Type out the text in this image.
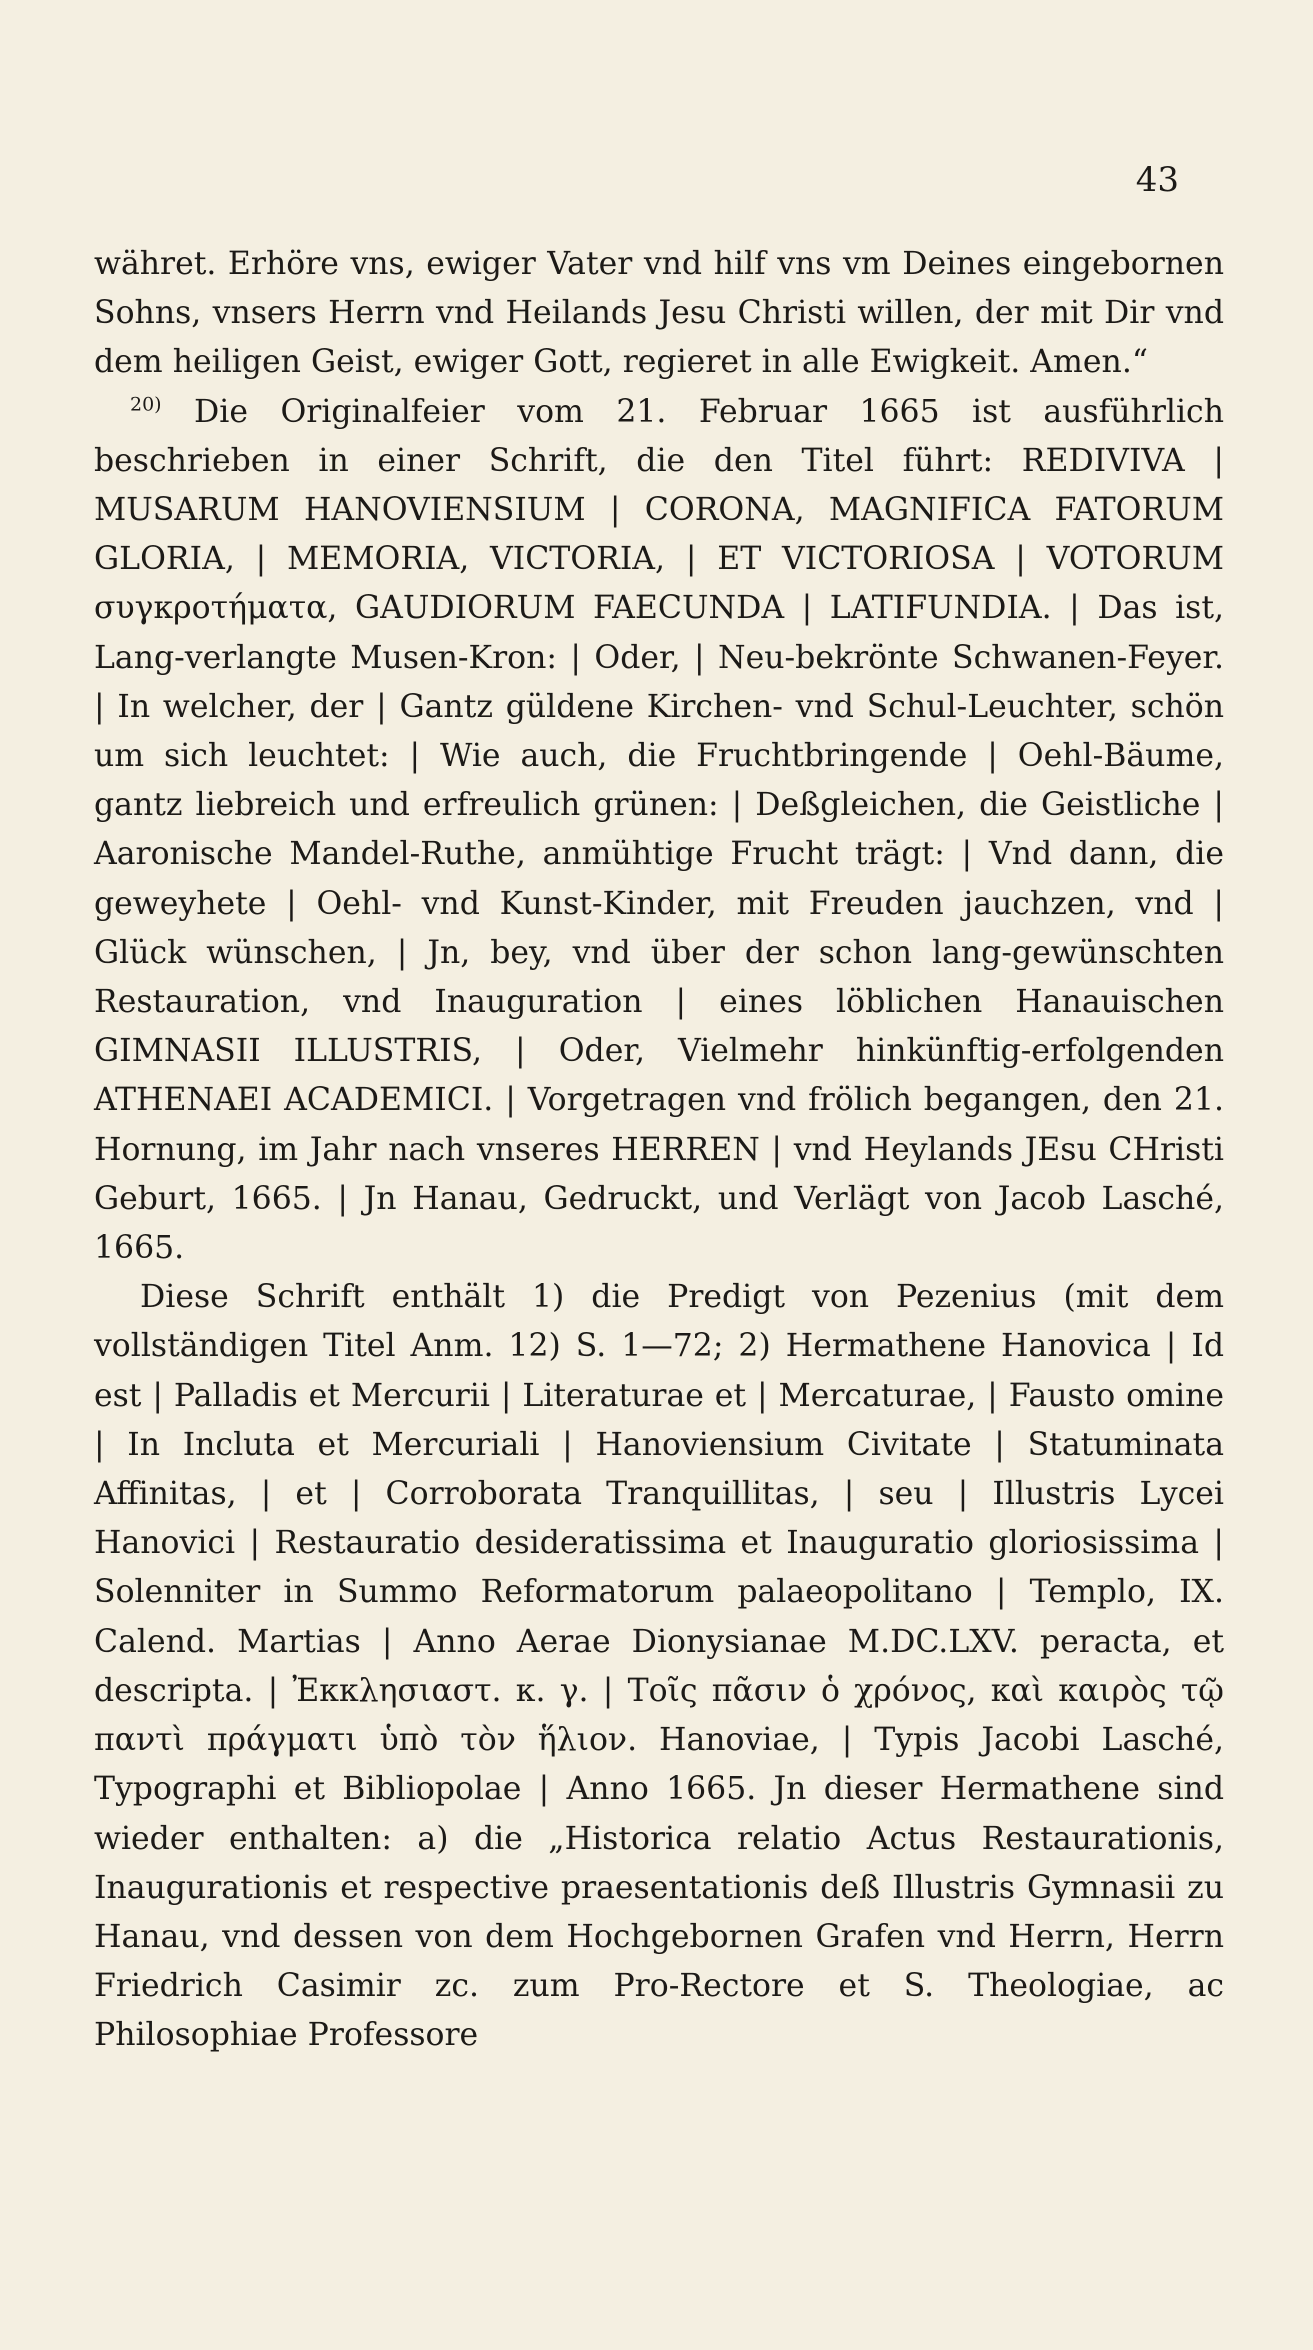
43

währet. Erhöre vns, ewiger Vater vnd hilf vns vm Deines eingebornen Sohns, vnsers Herrn vnd Heilands Jesu Christi willen, der mit Dir vnd dem heiligen Geist, ewiger Gott, regieret in alle Ewigkeit. Amen.“

$^{20)}$ Die Originalfeier vom 21. Februar 1665 ist ausführlich beschrieben in einer Schrift, die den Titel führt: REDIVIVA | MUSARUM HANOVIENSIUM | CORONA, MAGNIFICA FATORUM GLORIA, | MEMORIA, VICTORIA, | ET VICTORIOSA | VOTORUM συγκροτήματα, GAUDIORUM FAECUNDA | LATIFUNDIA. | Das ist, Lang-verlangte Musen-Kron: | Oder, | Neu-bekrönte Schwanen-Feyer. | In welcher, der | Gantz güldene Kirchen- vnd Schul-Leuchter, schön um sich leuchtet: | Wie auch, die Fruchtbringende | Oehl-Bäume, gantz liebreich und erfreulich grünen: | Deßgleichen, die Geistliche | Aaronische Mandel-Ruthe, anmühtige Frucht trägt: | Vnd dann, die geweyhete | Oehl- vnd Kunst-Kinder, mit Freuden jauchzen, vnd | Glück wünschen, | Jn, bey, vnd über der schon lang-gewünschten Restauration, vnd Inauguration | eines löblichen Hanauischen GIMNASII ILLUSTRIS, | Oder, Vielmehr hinkünftig-erfolgenden ATHENAEI ACADEMICI. | Vorgetragen vnd frölich begangen, den 21. Hornung, im Jahr nach vnseres HERREN | vnd Heylands JEsu CHristi Geburt, 1665. | Jn Hanau, Gedruckt, und Verlägt von Jacob Lasché, 1665.

Diese Schrift enthält 1) die Predigt von Pezenius (mit dem vollständigen Titel Anm. 12) S. 1—72; 2) Hermathene Hanovica | Id est | Palladis et Mercurii | Literaturae et | Mercaturae, | Fausto omine | In Incluta et Mercuriali | Hanoviensium Civitate | Statuminata Affinitas, | et | Corroborata Tranquillitas, | seu | Illustris Lycei Hanovici | Restauratio desideratissima et Inauguratio gloriosissima | Solenniter in Summo Reformatorum palaeopolitano | Templo, IX. Calend. Martias | Anno Aerae Dionysianae M.DC.LXV. peracta, et descripta. | Ἐκκλησιαστ. κ. γ. | Τοῖς πᾶσιν ὁ χρόνος, καὶ καιρὸς τῷ παντὶ πράγματι ὑπὸ τὸν ἥλιον. Hanoviae, | Typis Jacobi Lasché, Typographi et Bibliopolae | Anno 1665. Jn dieser Hermathene sind wieder enthalten: a) die „Historica relatio Actus Restaurationis, Inaugurationis et respective praesentationis deß Illustris Gymnasii zu Hanau, vnd dessen von dem Hochgebornen Grafen vnd Herrn, Herrn Friedrich Casimir zc. zum Pro-Rectore et S. Theologiae, ac Philosophiae Professore
